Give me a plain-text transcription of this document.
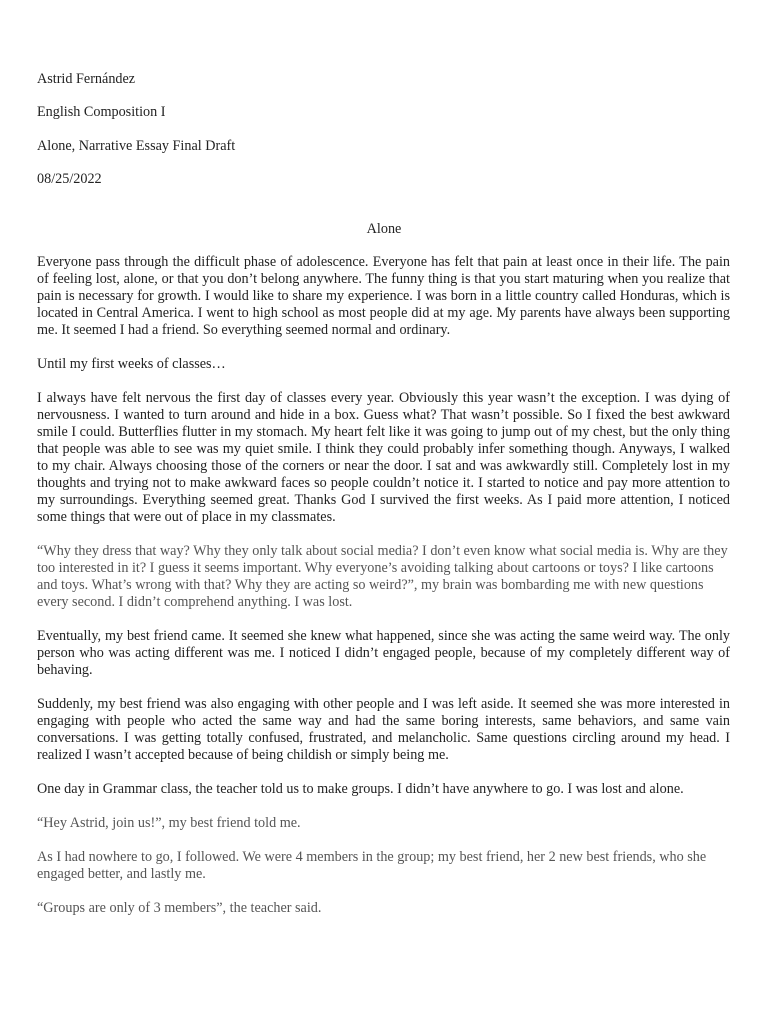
Astrid Fernández
English Composition I
Alone, Narrative Essay Final Draft
08/25/2022
Alone

Everyone pass through the difficult phase of adolescence. Everyone has felt that pain at least once in their life. The pain of feeling lost, alone, or that you don’t belong anywhere. The funny thing is that you start maturing when you realize that pain is necessary for growth. I would like to share my experience. I was born in a little country called Honduras, which is located in Central America. I went to high school as most people did at my age. My parents have always been supporting me. It seemed I had a friend. So everything seemed normal and ordinary.

Until my first weeks of classes…

I always have felt nervous the first day of classes every year. Obviously this year wasn’t the exception. I was dying of nervousness. I wanted to turn around and hide in a box. Guess what? That wasn’t possible. So I fixed the best awkward smile I could. Butterflies flutter in my stomach. My heart felt like it was going to jump out of my chest, but the only thing that people was able to see was my quiet smile. I think they could probably infer something though. Anyways, I walked to my chair. Always choosing those of the corners or near the door. I sat and was awkwardly still. Completely lost in my thoughts and trying not to make awkward faces so people couldn’t notice it. I started to notice and pay more attention to my surroundings. Everything seemed great. Thanks God I survived the first weeks. As I paid more attention, I noticed some things that were out of place in my classmates.

“Why they dress that way? Why they only talk about social media? I don’t even know what social media is. Why are they too interested in it? I guess it seems important. Why everyone’s avoiding talking about cartoons or toys? I like cartoons and toys. What’s wrong with that? Why they are acting so weird?”, my brain was bombarding me with new questions every second. I didn’t comprehend anything. I was lost.

Eventually, my best friend came. It seemed she knew what happened, since she was acting the same weird way. The only person who was acting different was me. I noticed I didn’t engaged people, because of my completely different way of behaving.

Suddenly, my best friend was also engaging with other people and I was left aside. It seemed she was more interested in engaging with people who acted the same way and had the same boring interests, same behaviors, and same vain conversations. I was getting totally confused, frustrated, and melancholic. Same questions circling around my head. I realized I wasn’t accepted because of being childish or simply being me.

One day in Grammar class, the teacher told us to make groups. I didn’t have anywhere to go. I was lost and alone.

“Hey Astrid, join us!”, my best friend told me.

As I had nowhere to go, I followed. We were 4 members in the group; my best friend, her 2 new best friends, who she engaged better, and lastly me.

“Groups are only of 3 members”, the teacher said.
